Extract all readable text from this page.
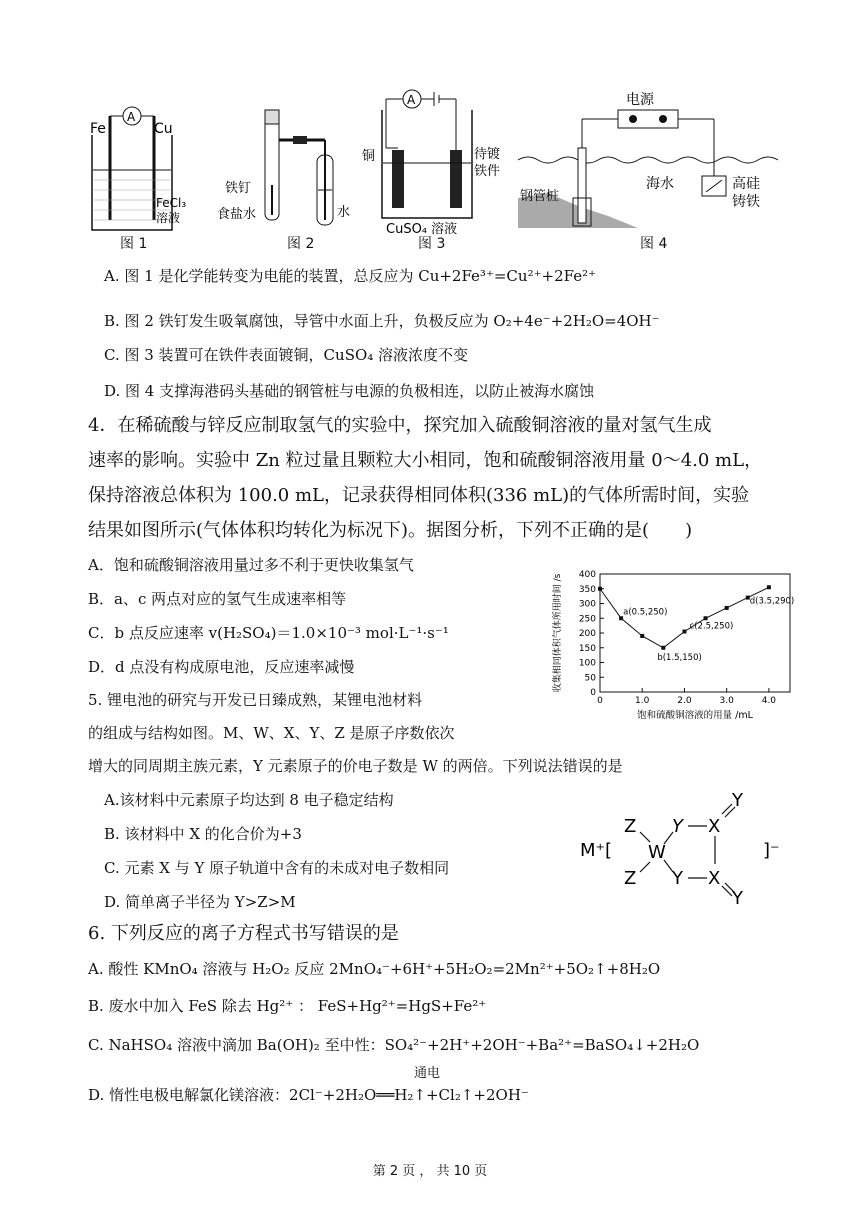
Fe	Cu
A
FeCl₃
溶液
图 1
铁钉
食盐水	水
图 2
A
铜	待镀
铁件
CuSO₄ 溶液
图 3
电源
钢管桩
海水	高硅
铸铁
图 4
A. 图 1 是化学能转变为电能的装置，总反应为 Cu+2Fe³⁺=Cu²⁺+2Fe²⁺
B. 图 2 铁钉发生吸氧腐蚀，导管中水面上升，负极反应为 O₂+4e⁻+2H₂O=4OH⁻
C. 图 3 装置可在铁件表面镀铜，CuSO₄ 溶液浓度不变
D. 图 4 支撑海港码头基础的钢管桩与电源的负极相连，以防止被海水腐蚀
4．在稀硫酸与锌反应制取氢气的实验中，探究加入硫酸铜溶液的量对氢气生成
速率的影响。实验中 Zn 粒过量且颗粒大小相同，饱和硫酸铜溶液用量 0～4.0 mL，
保持溶液总体积为 100.0 mL，记录获得相同体积(336 mL)的气体所需时间，实验
结果如图所示(气体体积均转化为标况下)。据图分析，下列不正确的是(　　)
A．饱和硫酸铜溶液用量过多不利于更快收集氢气
B．a、c 两点对应的氢气生成速率相等
C．b 点反应速率 v(H₂SO₄)＝1.0×10⁻³ mol·L⁻¹·s⁻¹
D．d 点没有构成原电池，反应速率减慢
0
50
100
150
200
250
300
350
400
0	1.0	2.0	3.0	4.0
a(0.5,250)
b(1.5,150)
c(2.5,250)
d(3.5,290)
饱和硫酸铜溶液的用量 /mL
收集相同体积气体所用时间 /s
5. 锂电池的研究与开发已日臻成熟，某锂电池材料
的组成与结构如图。M、W、X、Y、Z 是原子序数依次
增大的同周期主族元素，Y 元素原子的价电子数是 W 的两倍。下列说法错误的是
A.该材料中元素原子均达到 8 电子稳定结构
B. 该材料中 X 的化合价为+3
C. 元素 X 与 Y 原子轨道中含有的未成对电子数相同
D. 简单离子半径为 Y>Z>M
M⁺[	]⁻
Z
Z
W
Y
Y
X
X
Y
Y
6. 下列反应的离子方程式书写错误的是
A. 酸性 KMnO₄ 溶液与 H₂O₂ 反应 2MnO₄⁻+6H⁺+5H₂O₂=2Mn²⁺+5O₂↑+8H₂O
B. 废水中加入 FeS 除去 Hg²⁺ ： FeS+Hg²⁺=HgS+Fe²⁺
C. NaHSO₄ 溶液中滴加 Ba(OH)₂ 至中性：SO₄²⁻+2H⁺+2OH⁻+Ba²⁺=BaSO₄↓+2H₂O
通电
D. 惰性电极电解氯化镁溶液：2Cl⁻+2H₂O══H₂↑+Cl₂↑+2OH⁻
第 2 页 ， 共 10 页
